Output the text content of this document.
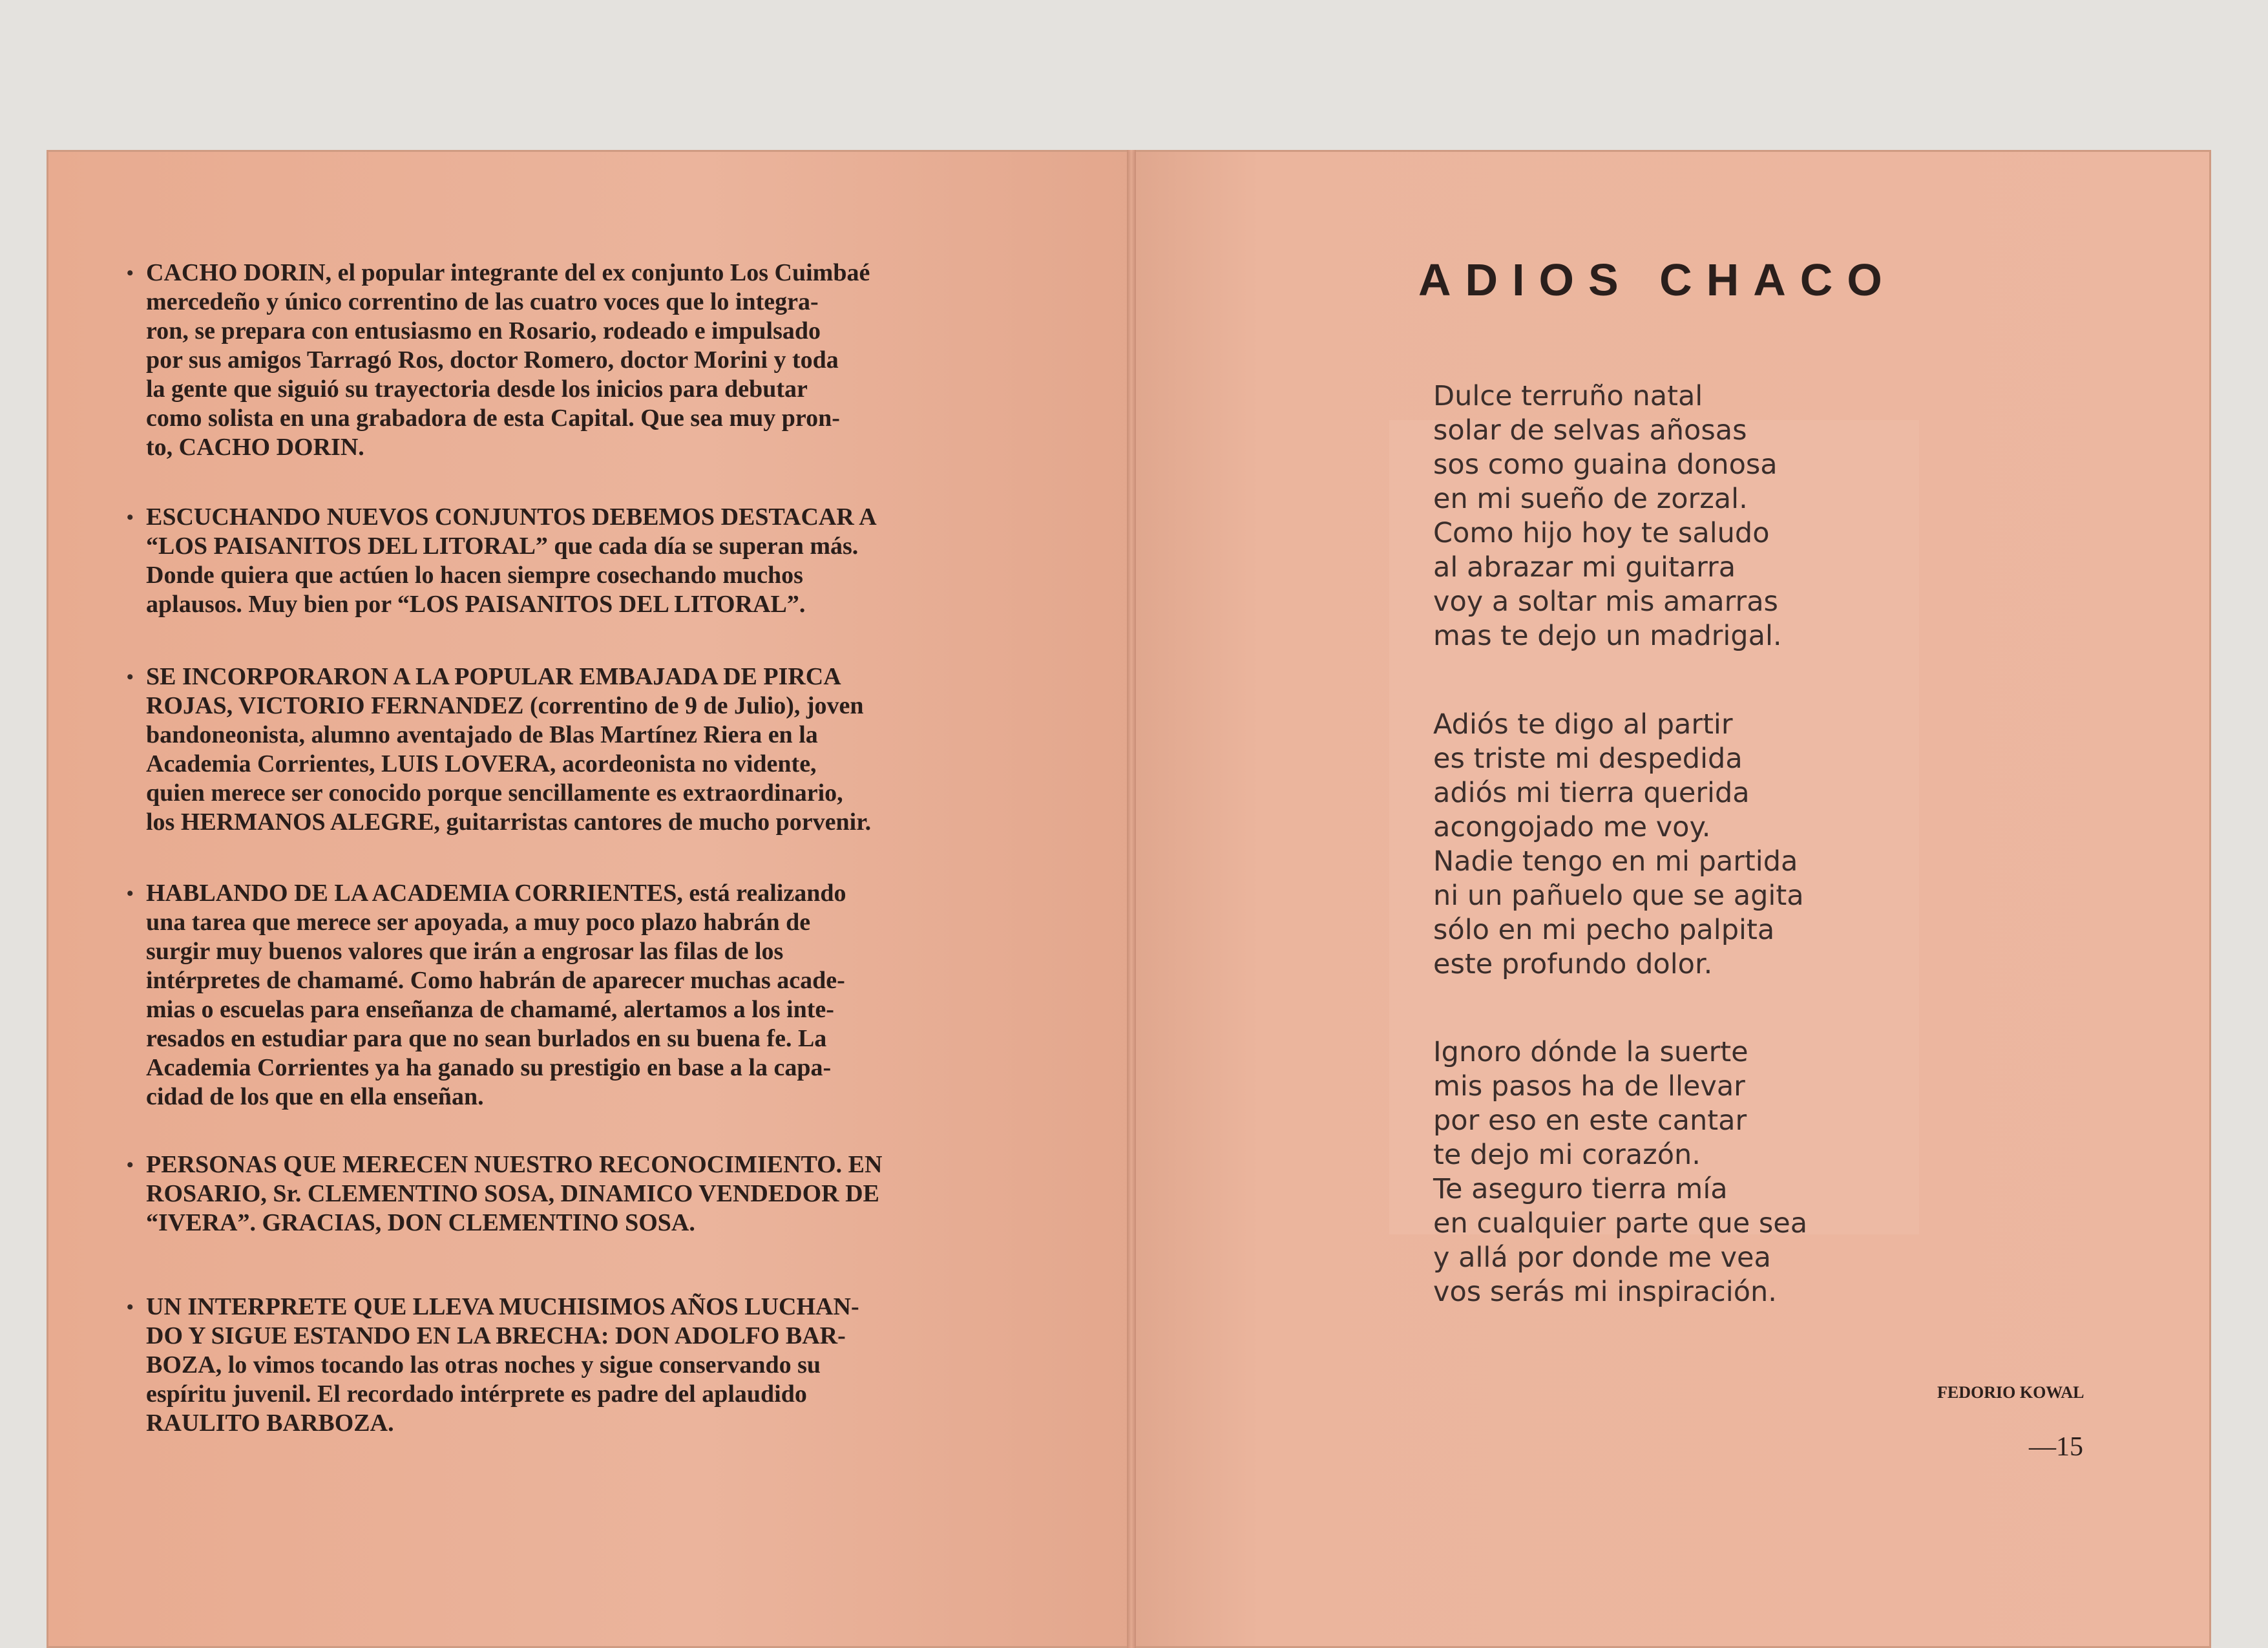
• CACHO DORIN, el popular integrante del ex conjunto Los Cuimbaé
mercedeño y único correntino de las cuatro voces que lo integra-
ron, se prepara con entusiasmo en Rosario, rodeado e impulsado
por sus amigos Tarragó Ros, doctor Romero, doctor Morini y toda
la gente que siguió su trayectoria desde los inicios para debutar
como solista en una grabadora de esta Capital. Que sea muy pron-
to, CACHO DORIN.
• ESCUCHANDO NUEVOS CONJUNTOS DEBEMOS DESTACAR A
“LOS PAISANITOS DEL LITORAL” que cada día se superan más.
Donde quiera que actúen lo hacen siempre cosechando muchos
aplausos. Muy bien por “LOS PAISANITOS DEL LITORAL”.
• SE INCORPORARON A LA POPULAR EMBAJADA DE PIRCA
ROJAS, VICTORIO FERNANDEZ (correntino de 9 de Julio), joven
bandoneonista, alumno aventajado de Blas Martínez Riera en la
Academia Corrientes, LUIS LOVERA, acordeonista no vidente,
quien merece ser conocido porque sencillamente es extraordinario,
los HERMANOS ALEGRE, guitarristas cantores de mucho porvenir.
• HABLANDO DE LA ACADEMIA CORRIENTES, está realizando
una tarea que merece ser apoyada, a muy poco plazo habrán de
surgir muy buenos valores que irán a engrosar las filas de los
intérpretes de chamamé. Como habrán de aparecer muchas acade-
mias o escuelas para enseñanza de chamamé, alertamos a los inte-
resados en estudiar para que no sean burlados en su buena fe. La
Academia Corrientes ya ha ganado su prestigio en base a la capa-
cidad de los que en ella enseñan.
• PERSONAS QUE MERECEN NUESTRO RECONOCIMIENTO. EN
ROSARIO, Sr. CLEMENTINO SOSA, DINAMICO VENDEDOR DE
“IVERA”. GRACIAS, DON CLEMENTINO SOSA.
• UN INTERPRETE QUE LLEVA MUCHISIMOS AÑOS LUCHAN-
DO Y SIGUE ESTANDO EN LA BRECHA: DON ADOLFO BAR-
BOZA, lo vimos tocando las otras noches y sigue conservando su
espíritu juvenil. El recordado intérprete es padre del aplaudido
RAULITO BARBOZA.
ADIOS CHACO
Dulce terruño natal
solar de selvas añosas
sos como guaina donosa
en mi sueño de zorzal.
Como hijo hoy te saludo
al abrazar mi guitarra
voy a soltar mis amarras
mas te dejo un madrigal.
Adiós te digo al partir
es triste mi despedida
adiós mi tierra querida
acongojado me voy.
Nadie tengo en mi partida
ni un pañuelo que se agita
sólo en mi pecho palpita
este profundo dolor.
Ignoro dónde la suerte
mis pasos ha de llevar
por eso en este cantar
te dejo mi corazón.
Te aseguro tierra mía
en cualquier parte que sea
y allá por donde me vea
vos serás mi inspiración.
FEDORIO KOWAL
—15
